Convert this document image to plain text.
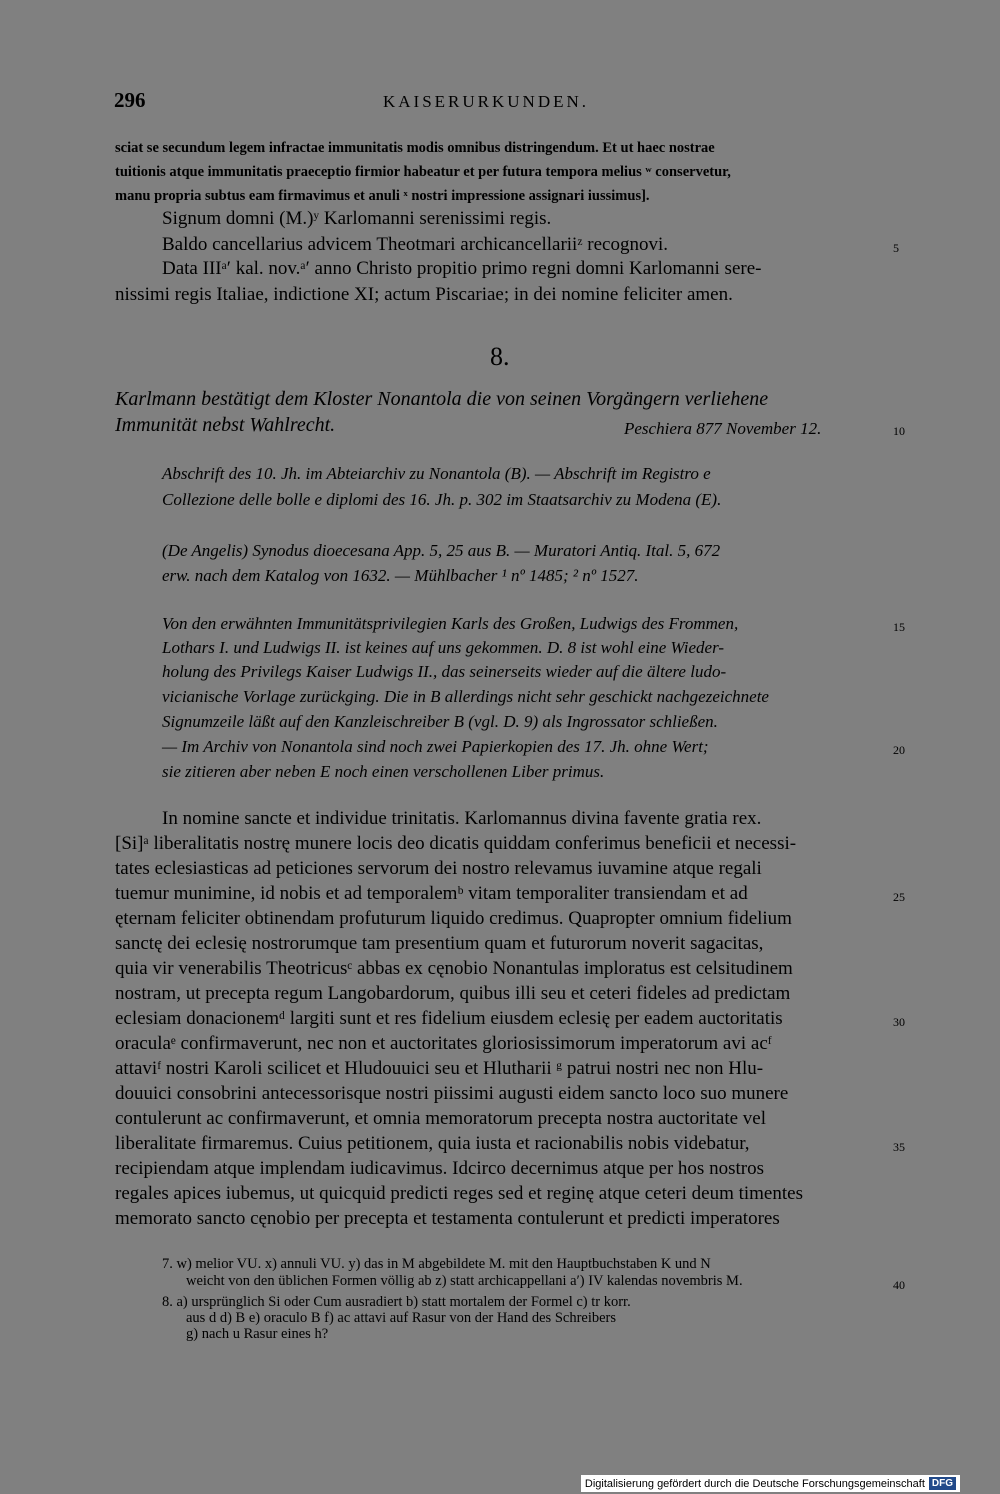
296	KAISERURKUNDEN.
sciat se secundum legem infractae immunitatis modis omnibus distringendum. Et ut haec nostrae
tuitionis atque immunitatis praeceptio firmior habeatur et per futura tempora melius ʷ conservetur,
manu propria subtus eam firmavimus et anuli ˣ nostri impressione assignari iussimus].
Signum domni (M.)ʸ Karlomanni serenissimi regis.
Baldo cancellarius advicem Theotmari archicancellariiᶻ recognovi.	5
Data IIIᵃ′ kal. nov.ᵃ′ anno Christo propitio primo regni domni Karlomanni sere-
nissimi regis Italiae, indictione XI; actum Piscariae; in dei nomine feliciter amen.
8.
Karlmann bestätigt dem Kloster Nonantola die von seinen Vorgängern verliehene
Immunität nebst Wahlrecht.	Peschiera 877 November 12.	10
Abschrift des 10. Jh. im Abteiarchiv zu Nonantola (B). — Abschrift im Registro e
Collezione delle bolle e diplomi des 16. Jh. p. 302 im Staatsarchiv zu Modena (E).
(De Angelis) Synodus dioecesana App. 5, 25 aus B. — Muratori Antiq. Ital. 5, 672
erw. nach dem Katalog von 1632. — Mühlbacher ¹ nº 1485; ² nº 1527.
Von den erwähnten Immunitätsprivilegien Karls des Großen, Ludwigs des Frommen,	15
Lothars I. und Ludwigs II. ist keines auf uns gekommen. D. 8 ist wohl eine Wieder-
holung des Privilegs Kaiser Ludwigs II., das seinerseits wieder auf die ältere ludo-
vicianische Vorlage zurückging. Die in B allerdings nicht sehr geschickt nachgezeichnete
Signumzeile läßt auf den Kanzleischreiber B (vgl. D. 9) als Ingrossator schließen.
— Im Archiv von Nonantola sind noch zwei Papierkopien des 17. Jh. ohne Wert;	20
sie zitieren aber neben E noch einen verschollenen Liber primus.
In nomine sancte et individue trinitatis. Karlomannus divina favente gratia rex.
[Si]ᵃ liberalitatis nostrę munere locis deo dicatis quiddam conferimus beneficii et necessi-
tates eclesiasticas ad peticiones servorum dei nostro relevamus iuvamine atque regali
tuemur munimine, id nobis et ad temporalemᵇ vitam temporaliter transiendam et ad	25
ęternam feliciter obtinendam profuturum liquido credimus. Quapropter omnium fidelium
sanctę dei eclesię nostrorumque tam presentium quam et futurorum noverit sagacitas,
quia vir venerabilis Theotricusᶜ abbas ex cęnobio Nonantulas imploratus est celsitudinem
nostram, ut precepta regum Langobardorum, quibus illi seu et ceteri fideles ad predictam
eclesiam donacionemᵈ largiti sunt et res fidelium eiusdem eclesię per eadem auctoritatis	30
oraculaᵉ confirmaverunt, nec non et auctoritates gloriosissimorum imperatorum avi acᶠ
attaviᶠ nostri Karoli scilicet et Hludouuici seu et Hlutharii ᵍ patrui nostri nec non Hlu-
douuici consobrini antecessorisque nostri piissimi augusti eidem sancto loco suo munere
contulerunt ac confirmaverunt, et omnia memoratorum precepta nostra auctoritate vel
liberalitate firmaremus. Cuius petitionem, quia iusta et racionabilis nobis videbatur,	35
recipiendam atque implendam iudicavimus. Idcirco decernimus atque per hos nostros
regales apices iubemus, ut quicquid predicti reges sed et reginę atque ceteri deum timentes
memorato sancto cęnobio per precepta et testamenta contulerunt et predicti imperatores
7. w) melior VU. x) annuli VU. y) das in M abgebildete M. mit den Hauptbuchstaben K und N
weicht von den üblichen Formen völlig ab z) statt archicappellani a′) IV kalendas novembris M.	40
8. a) ursprünglich Si oder Cum ausradiert b) statt mortalem der Formel c) tr korr.
aus d d) B e) oraculo B f) ac attavi auf Rasur von der Hand des Schreibers
g) nach u Rasur eines h?
Digitalisierung gefördert durch die Deutsche Forschungsgemeinschaft DFG
